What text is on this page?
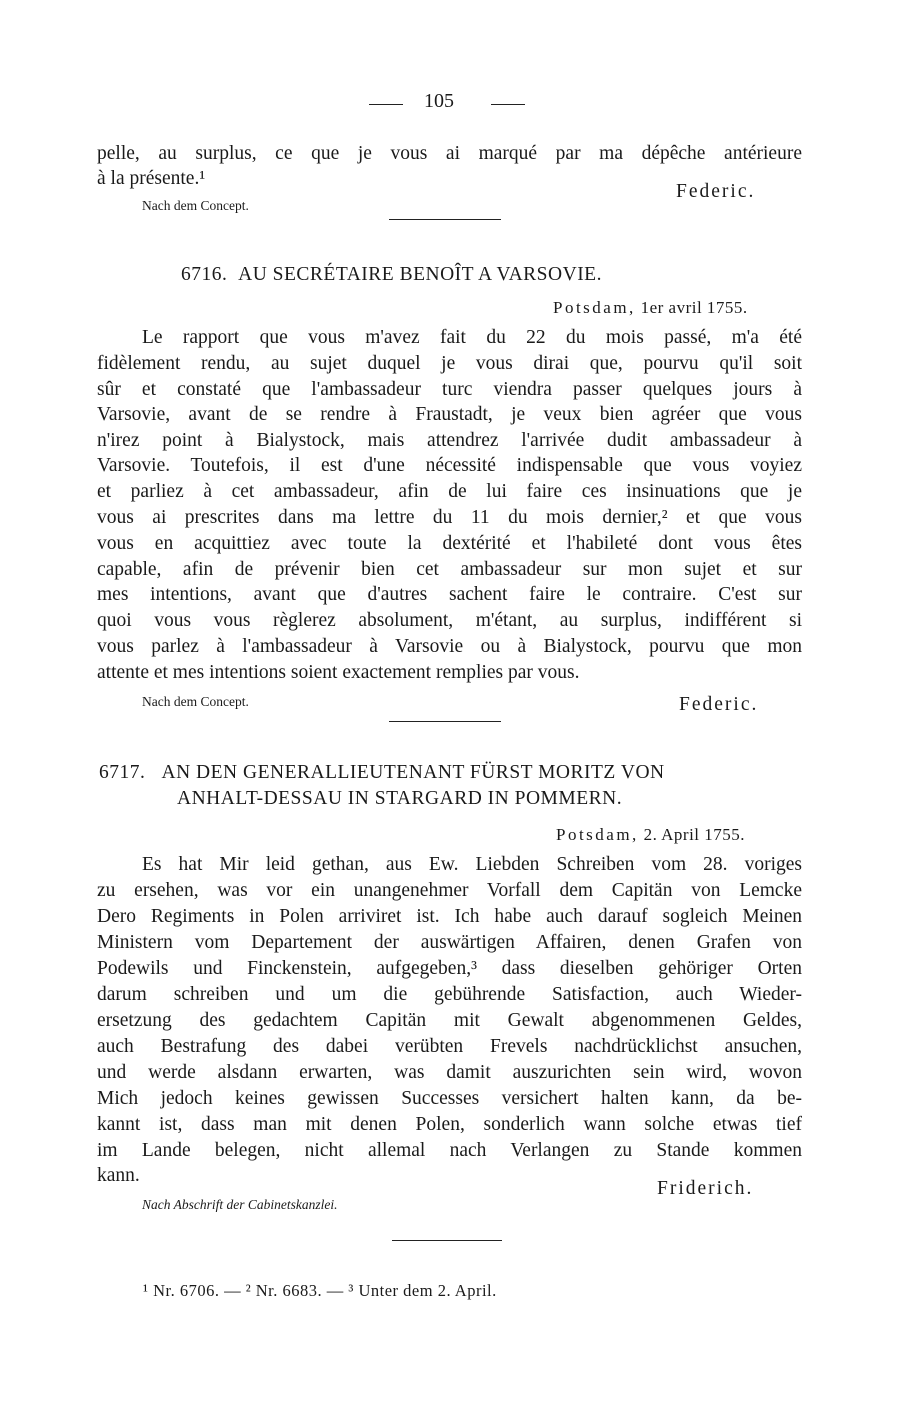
105
pelle, au surplus, ce que je vous ai marqué par ma dépêche antérieure
à la présente.¹
Federic.
Nach dem Concept.
6716. AU SECRÉTAIRE BENOÎT A VARSOVIE.
Potsdam, 1er avril 1755.
Le rapport que vous m'avez fait du 22 du mois passé, m'a été
fidèlement rendu, au sujet duquel je vous dirai que, pourvu qu'il soit
sûr et constaté que l'ambassadeur turc viendra passer quelques jours à
Varsovie, avant de se rendre à Fraustadt, je veux bien agréer que vous
n'irez point à Bialystock, mais attendrez l'arrivée dudit ambassadeur à
Varsovie. Toutefois, il est d'une nécessité indispensable que vous voyiez
et parliez à cet ambassadeur, afin de lui faire ces insinuations que je
vous ai prescrites dans ma lettre du 11 du mois dernier,² et que vous
vous en acquittiez avec toute la dextérité et l'habileté dont vous êtes
capable, afin de prévenir bien cet ambassadeur sur mon sujet et sur
mes intentions, avant que d'autres sachent faire le contraire. C'est sur
quoi vous vous règlerez absolument, m'étant, au surplus, indifférent si
vous parlez à l'ambassadeur à Varsovie ou à Bialystock, pourvu que mon
attente et mes intentions soient exactement remplies par vous.
Nach dem Concept.	Federic.
6717. AN DEN GENERALLIEUTENANT FÜRST MORITZ VON
ANHALT-DESSAU IN STARGARD IN POMMERN.
Potsdam, 2. April 1755.
Es hat Mir leid gethan, aus Ew. Liebden Schreiben vom 28. voriges
zu ersehen, was vor ein unangenehmer Vorfall dem Capitän von Lemcke
Dero Regiments in Polen arriviret ist. Ich habe auch darauf sogleich Meinen
Ministern vom Departement der auswärtigen Affairen, denen Grafen von
Podewils und Finckenstein, aufgegeben,³ dass dieselben gehöriger Orten
darum schreiben und um die gebührende Satisfaction, auch Wieder-
ersetzung des gedachtem Capitän mit Gewalt abgenommenen Geldes,
auch Bestrafung des dabei verübten Frevels nachdrücklichst ansuchen,
und werde alsdann erwarten, was damit auszurichten sein wird, wovon
Mich jedoch keines gewissen Successes versichert halten kann, da be-
kannt ist, dass man mit denen Polen, sonderlich wann solche etwas tief
im Lande belegen, nicht allemal nach Verlangen zu Stande kommen
kann.
Friderich.
Nach Abschrift der Cabinetskanzlei.
¹ Nr. 6706. — ² Nr. 6683. — ³ Unter dem 2. April.
